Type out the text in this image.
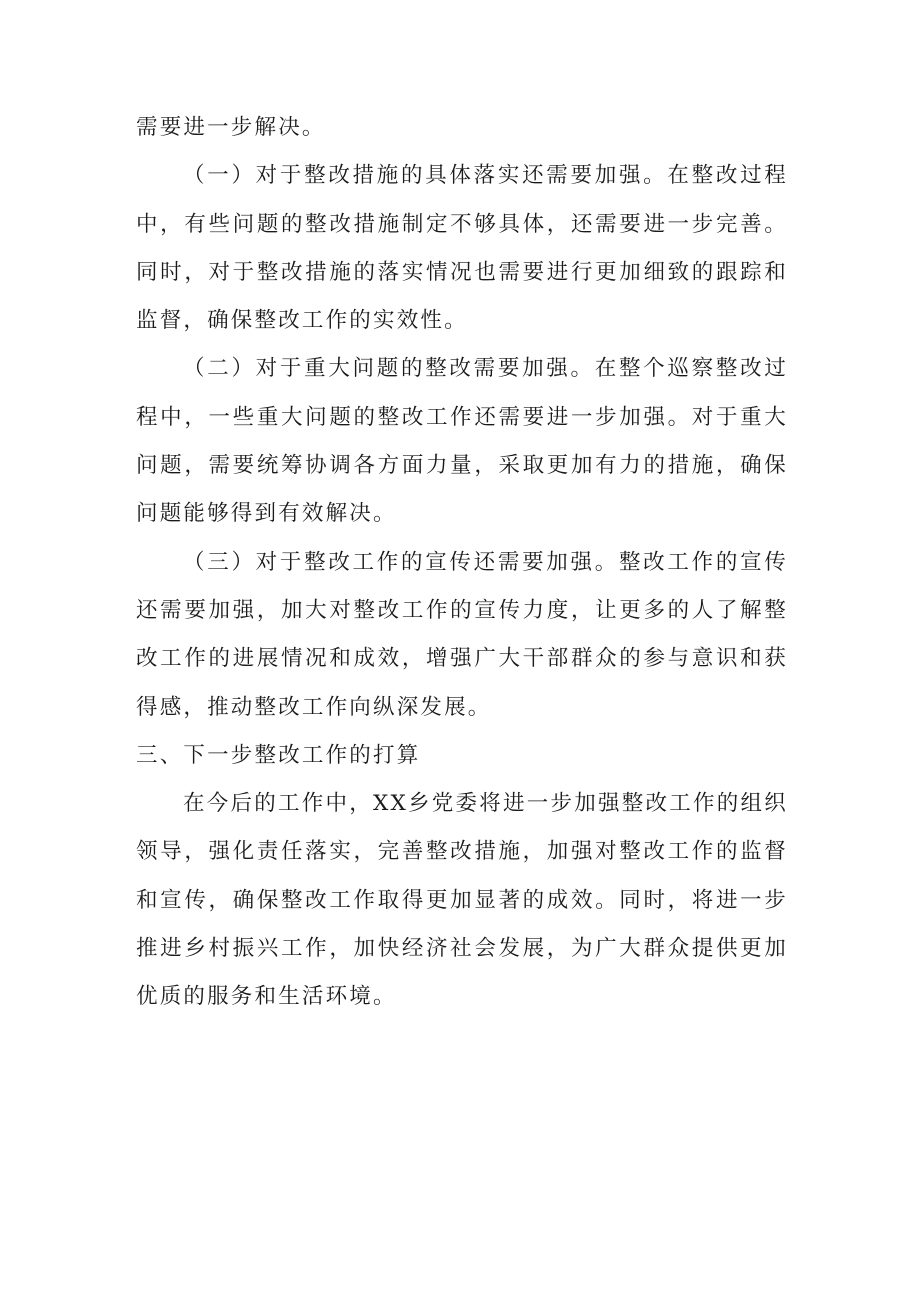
需要进一步解决。

（一）对于整改措施的具体落实还需要加强。在整改过程中，有些问题的整改措施制定不够具体，还需要进一步完善。同时，对于整改措施的落实情况也需要进行更加细致的跟踪和监督，确保整改工作的实效性。

（二）对于重大问题的整改需要加强。在整个巡察整改过程中，一些重大问题的整改工作还需要进一步加强。对于重大问题，需要统筹协调各方面力量，采取更加有力的措施，确保问题能够得到有效解决。

（三）对于整改工作的宣传还需要加强。整改工作的宣传还需要加强，加大对整改工作的宣传力度，让更多的人了解整改工作的进展情况和成效，增强广大干部群众的参与意识和获得感，推动整改工作向纵深发展。

三、下一步整改工作的打算

在今后的工作中，XX乡党委将进一步加强整改工作的组织领导，强化责任落实，完善整改措施，加强对整改工作的监督和宣传，确保整改工作取得更加显著的成效。同时，将进一步推进乡村振兴工作，加快经济社会发展，为广大群众提供更加优质的服务和生活环境。
